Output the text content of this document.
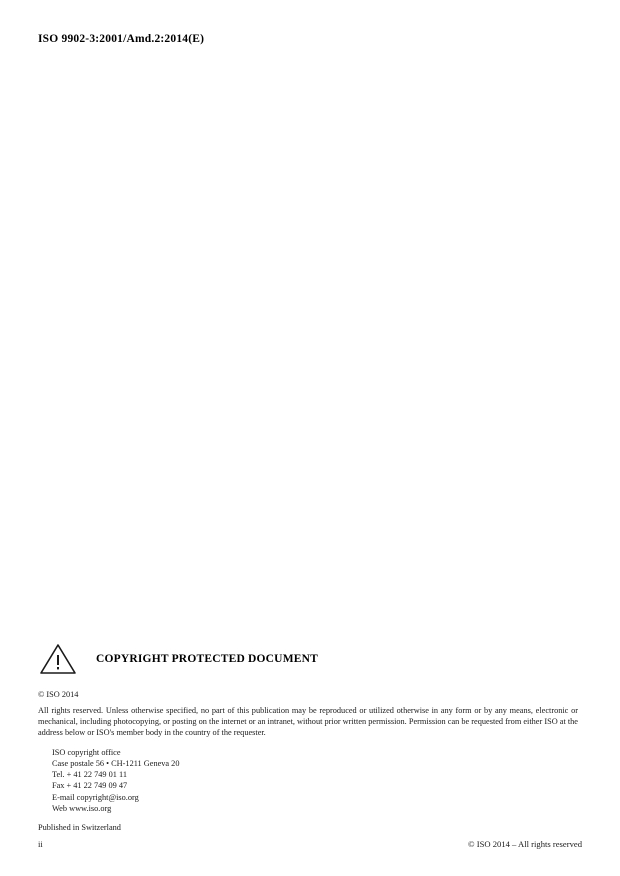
ISO 9902-3:2001/Amd.2:2014(E)
COPYRIGHT PROTECTED DOCUMENT
© ISO 2014
All rights reserved. Unless otherwise specified, no part of this publication may be reproduced or utilized otherwise in any form or by any means, electronic or mechanical, including photocopying, or posting on the internet or an intranet, without prior written permission. Permission can be requested from either ISO at the address below or ISO's member body in the country of the requester.
ISO copyright office
Case postale 56 • CH-1211 Geneva 20
Tel. + 41 22 749 01 11
Fax + 41 22 749 09 47
E-mail copyright@iso.org
Web www.iso.org
Published in Switzerland
ii	© ISO 2014 – All rights reserved
